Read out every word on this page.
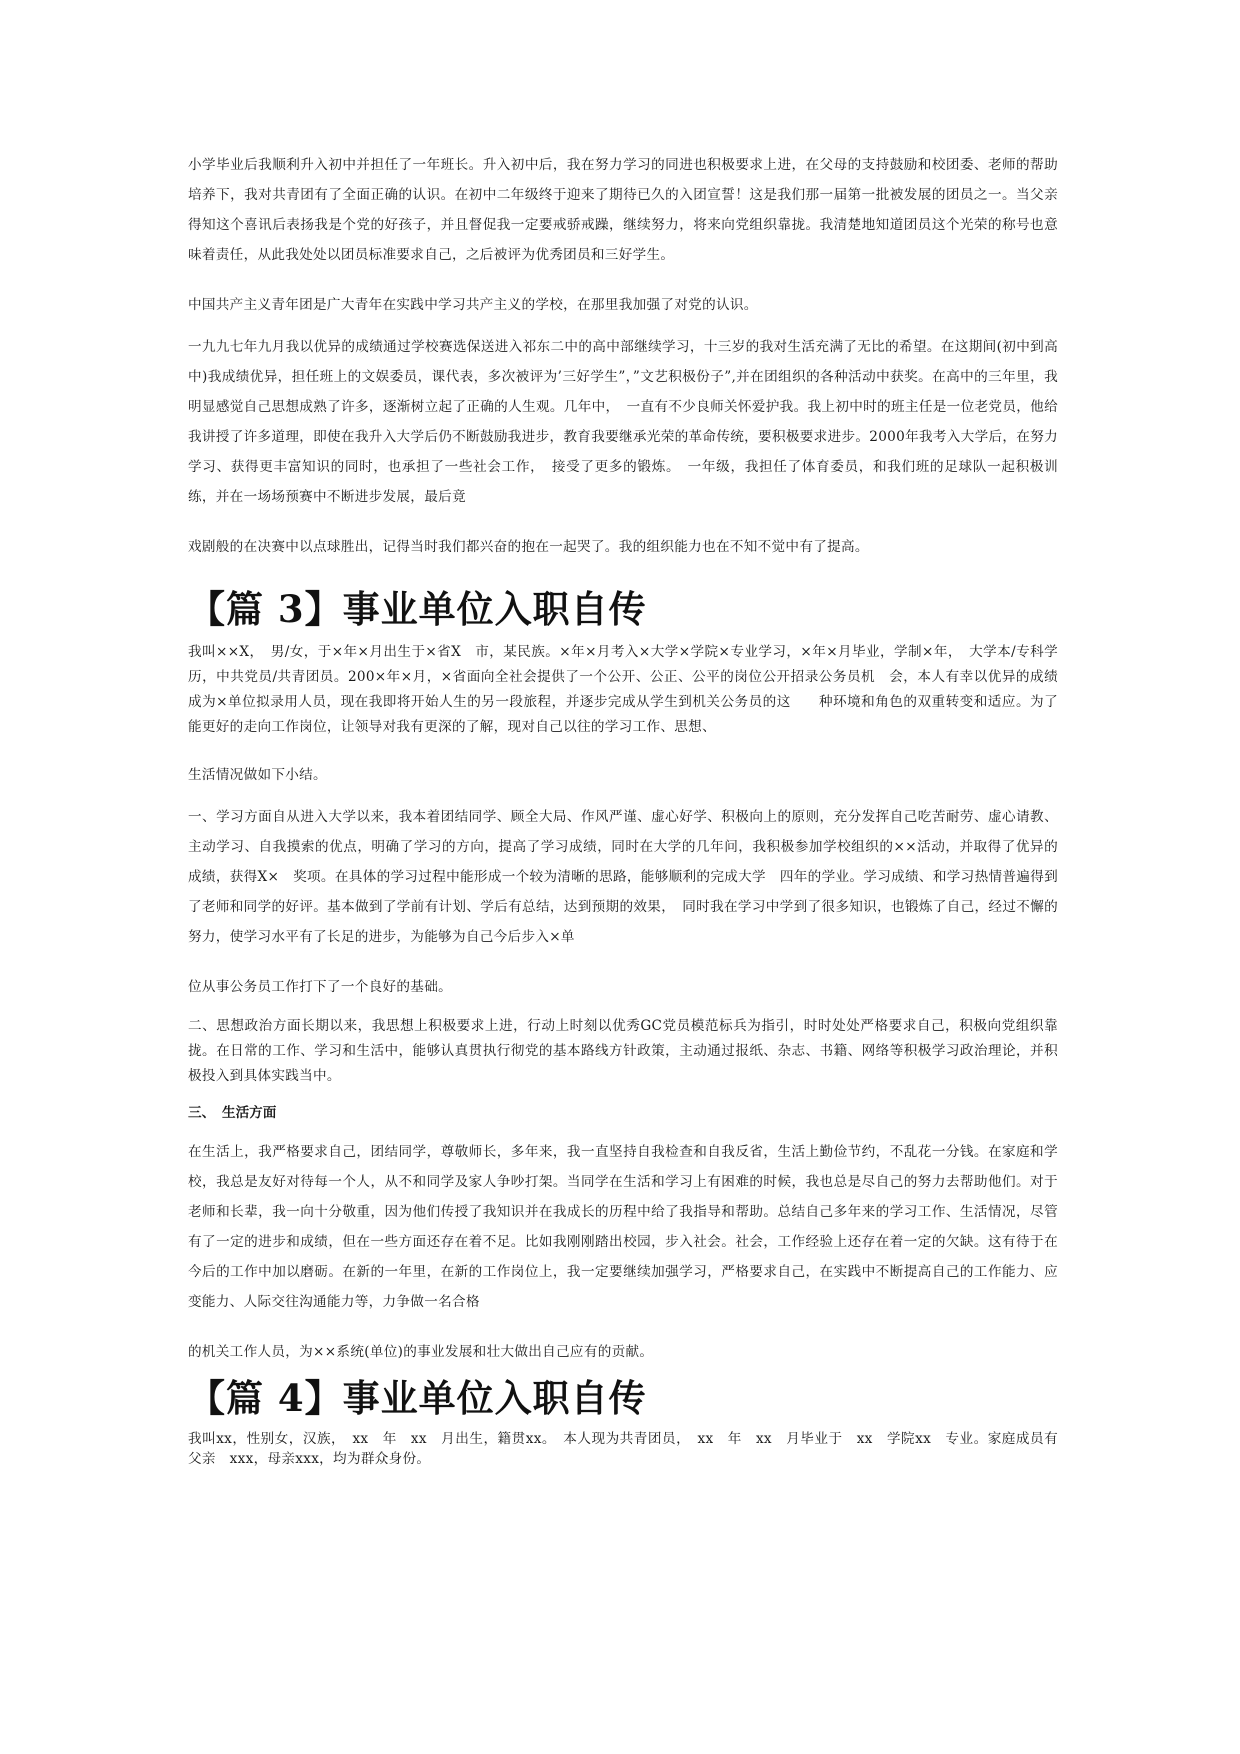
小学毕业后我顺利升入初中并担任了一年班长。升入初中后，我在努力学习的同进也积极要求上进，在父母的支持鼓励和校团委、老师的帮助培养下，我对共青团有了全面正确的认识。在初中二年级终于迎来了期待已久的入团宣誓！这是我们那一届第一批被发展的团员之一。当父亲得知这个喜讯后表扬我是个党的好孩子，并且督促我一定要戒骄戒躁，继续努力，将来向党组织靠拢。我清楚地知道团员这个光荣的称号也意味着责任，从此我处处以团员标准要求自己，之后被评为优秀团员和三好学生。

中国共产主义青年团是广大青年在实践中学习共产主义的学校，在那里我加强了对党的认识。

一九九七年九月我以优异的成绩通过学校赛选保送进入祁东二中的高中部继续学习，十三岁的我对生活充满了无比的希望。在这期间(初中到高中)我成绩优异，担任班上的文娱委员，课代表，多次被评为’三好学生”，”文艺积极份子”,并在团组织的各种活动中获奖。在高中的三年里，我明显感觉自己思想成熟了许多，逐渐树立起了正确的人生观。几年中，　一直有不少良师关怀爱护我。我上初中时的班主任是一位老党员，他给我讲授了许多道理，即使在我升入大学后仍不断鼓励我进步，教育我要继承光荣的革命传统，要积极要求进步。2000年我考入大学后，在努力学习、获得更丰富知识的同时，也承担了一些社会工作，　接受了更多的锻炼。　一年级，我担任了体育委员，和我们班的足球队一起积极训练，并在一场场预赛中不断进步发展，最后竟

戏剧般的在决赛中以点球胜出，记得当时我们都兴奋的抱在一起哭了。我的组织能力也在不知不觉中有了提高。

【篇 3】事业单位入职自传

我叫××X，　男/女，于×年×月出生于×省X　市，某民族。×年×月考入×大学×学院×专业学习，×年×月毕业，学制×年，　大学本/专科学历，中共党员/共青团员。200×年×月，×省面向全社会提供了一个公开、公正、公平的岗位公开招录公务员机　会，本人有幸以优异的成绩成为×单位拟录用人员，现在我即将开始人生的另一段旅程，并逐步完成从学生到机关公务员的这　　种环境和角色的双重转变和适应。为了能更好的走向工作岗位，让领导对我有更深的了解，现对自己以往的学习工作、思想、

生活情况做如下小结。

一、学习方面自从进入大学以来，我本着团结同学、顾全大局、作风严谨、虚心好学、积极向上的原则，充分发挥自己吃苦耐劳、虚心请教、主动学习、自我摸索的优点，明确了学习的方向，提高了学习成绩，同时在大学的几年问，我积极参加学校组织的××活动，并取得了优异的成绩，获得X×　奖项。在具体的学习过程中能形成一个较为清晰的思路，能够顺利的完成大学　四年的学业。学习成绩、和学习热情普遍得到了老师和同学的好评。基本做到了学前有计划、学后有总结，达到预期的效果，　同时我在学习中学到了很多知识，也锻炼了自己，经过不懈的努力，使学习水平有了长足的进步，为能够为自己今后步入×单

位从事公务员工作打下了一个良好的基础。

二、思想政治方面长期以来，我思想上积极要求上进，行动上时刻以优秀GC党员模范标兵为指引，时时处处严格要求自己，积极向党组织靠拢。在日常的工作、学习和生活中，能够认真贯执行彻党的基本路线方针政策，主动通过报纸、杂志、书籍、网络等积极学习政治理论，并积极投入到具体实践当中。

三、　生活方面

在生活上，我严格要求自己，团结同学，尊敬师长，多年来，我一直坚持自我检查和自我反省，生活上勤俭节约，不乱花一分钱。在家庭和学校，我总是友好对待每一个人，从不和同学及家人争吵打架。当同学在生活和学习上有困难的时候，我也总是尽自己的努力去帮助他们。对于老师和长辈，我一向十分敬重，因为他们传授了我知识并在我成长的历程中给了我指导和帮助。总结自己多年来的学习工作、生活情况，尽管有了一定的进步和成绩，但在一些方面还存在着不足。比如我刚刚踏出校园，步入社会。社会，工作经验上还存在着一定的欠缺。这有待于在今后的工作中加以磨砺。在新的一年里，在新的工作岗位上，我一定要继续加强学习，严格要求自己，在实践中不断提高自己的工作能力、应变能力、人际交往沟通能力等，力争做一名合格

的机关工作人员，为××系统(单位)的事业发展和壮大做出自己应有的贡献。

【篇 4】事业单位入职自传

我叫xx，性别女，汉族，　xx　年　xx　月出生，籍贯xx。　本人现为共青团员，　xx　年　xx　月毕业于　xx　学院xx　专业。家庭成员有父亲　xxx，母亲xxx，均为群众身份。
